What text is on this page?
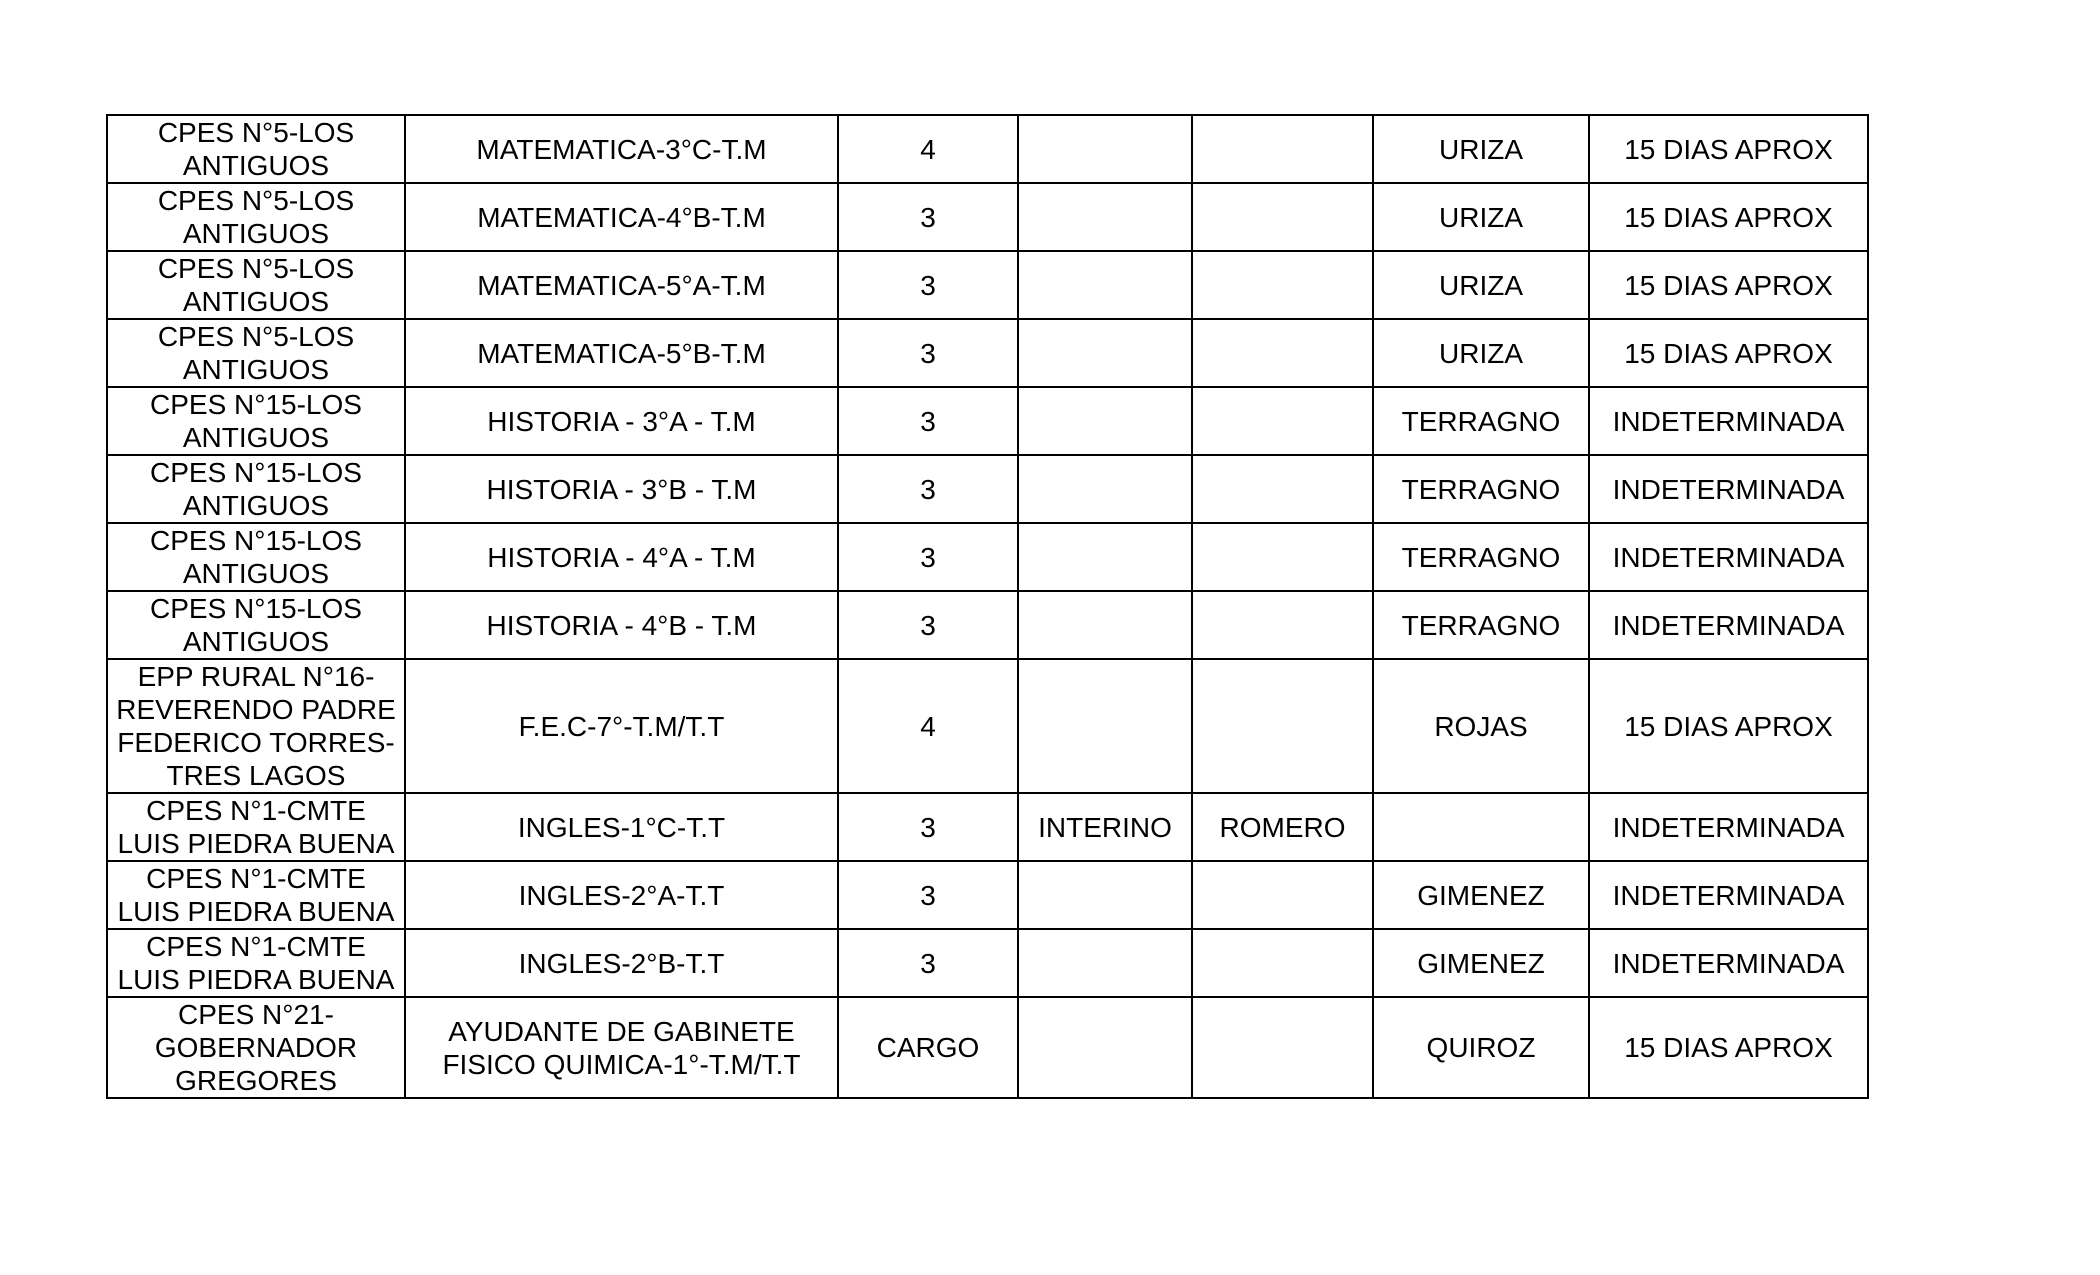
CPES N°5-LOS ANTIGUOS	MATEMATICA-3°C-T.M	4			URIZA	15 DIAS APROX
CPES N°5-LOS ANTIGUOS	MATEMATICA-4°B-T.M	3			URIZA	15 DIAS APROX
CPES N°5-LOS ANTIGUOS	MATEMATICA-5°A-T.M	3			URIZA	15 DIAS APROX
CPES N°5-LOS ANTIGUOS	MATEMATICA-5°B-T.M	3			URIZA	15 DIAS APROX
CPES N°15-LOS ANTIGUOS	HISTORIA - 3°A - T.M	3			TERRAGNO	INDETERMINADA
CPES N°15-LOS ANTIGUOS	HISTORIA - 3°B - T.M	3			TERRAGNO	INDETERMINADA
CPES N°15-LOS ANTIGUOS	HISTORIA - 4°A - T.M	3			TERRAGNO	INDETERMINADA
CPES N°15-LOS ANTIGUOS	HISTORIA - 4°B - T.M	3			TERRAGNO	INDETERMINADA
EPP RURAL N°16-REVERENDO PADRE FEDERICO TORRES-TRES LAGOS	F.E.C-7°-T.M/T.T	4			ROJAS	15 DIAS APROX
CPES N°1-CMTE LUIS PIEDRA BUENA	INGLES-1°C-T.T	3	INTERINO	ROMERO		INDETERMINADA
CPES N°1-CMTE LUIS PIEDRA BUENA	INGLES-2°A-T.T	3			GIMENEZ	INDETERMINADA
CPES N°1-CMTE LUIS PIEDRA BUENA	INGLES-2°B-T.T	3			GIMENEZ	INDETERMINADA
CPES N°21-GOBERNADOR GREGORES	AYUDANTE DE GABINETE FISICO QUIMICA-1°-T.M/T.T	CARGO			QUIROZ	15 DIAS APROX
